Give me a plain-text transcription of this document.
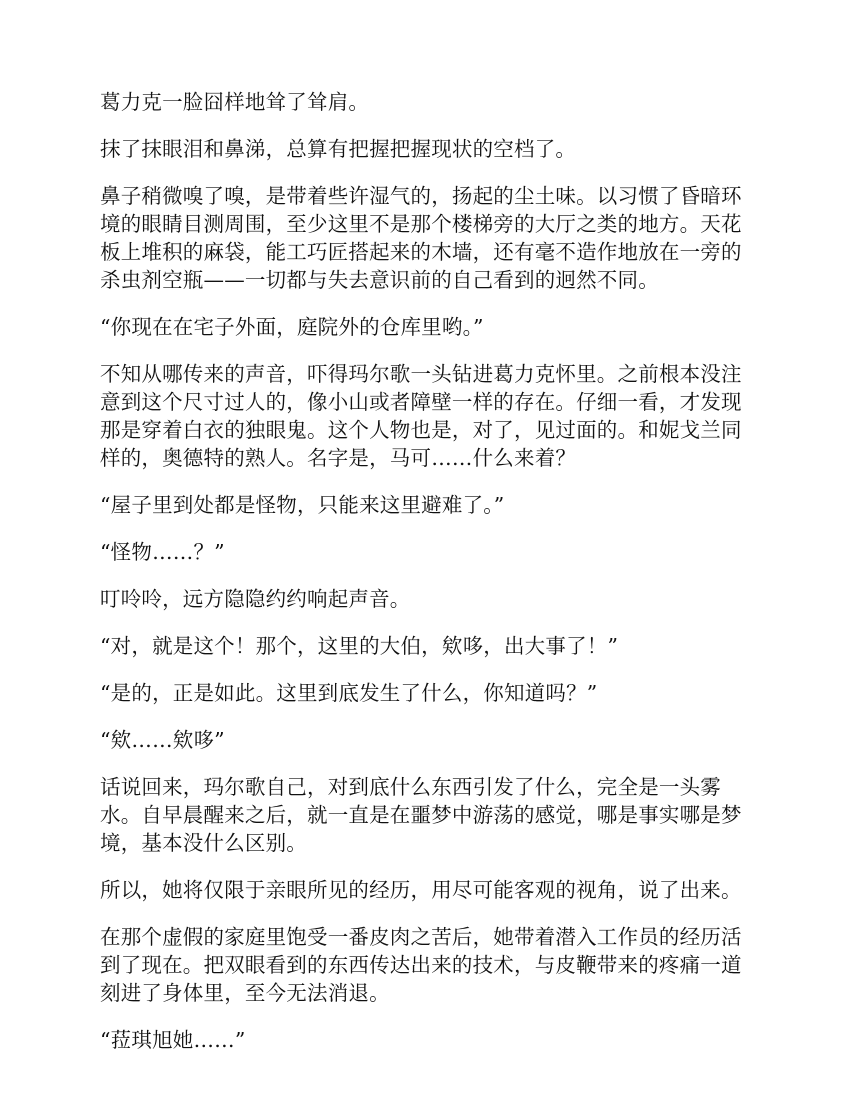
葛力克一脸囧样地耸了耸肩。

抹了抹眼泪和鼻涕，总算有把握把握现状的空档了。

鼻子稍微嗅了嗅，是带着些许湿气的，扬起的尘土味。以习惯了昏暗环
境的眼睛目测周围，至少这里不是那个楼梯旁的大厅之类的地方。天花
板上堆积的麻袋，能工巧匠搭起来的木墙，还有毫不造作地放在一旁的
杀虫剂空瓶——一切都与失去意识前的自己看到的迥然不同。

“你现在在宅子外面，庭院外的仓库里哟。”

不知从哪传来的声音，吓得玛尔歌一头钻进葛力克怀里。之前根本没注
意到这个尺寸过人的，像小山或者障壁一样的存在。仔细一看，才发现
那是穿着白衣的独眼鬼。这个人物也是，对了，见过面的。和妮戈兰同
样的，奥德特的熟人。名字是，马可……什么来着？

“屋子里到处都是怪物，只能来这里避难了。”

“怪物……？”

叮呤呤，远方隐隐约约响起声音。

“对，就是这个！那个，这里的大伯，欸哆，出大事了！”

“是的，正是如此。这里到底发生了什么，你知道吗？”

“欸……欸哆”

话说回来，玛尔歌自己，对到底什么东西引发了什么，完全是一头雾
水。自早晨醒来之后，就一直是在噩梦中游荡的感觉，哪是事实哪是梦
境，基本没什么区别。

所以，她将仅限于亲眼所见的经历，用尽可能客观的视角，说了出来。

在那个虚假的家庭里饱受一番皮肉之苦后，她带着潜入工作员的经历活
到了现在。把双眼看到的东西传达出来的技术，与皮鞭带来的疼痛一道
刻进了身体里，至今无法消退。

“菈琪旭她……”
